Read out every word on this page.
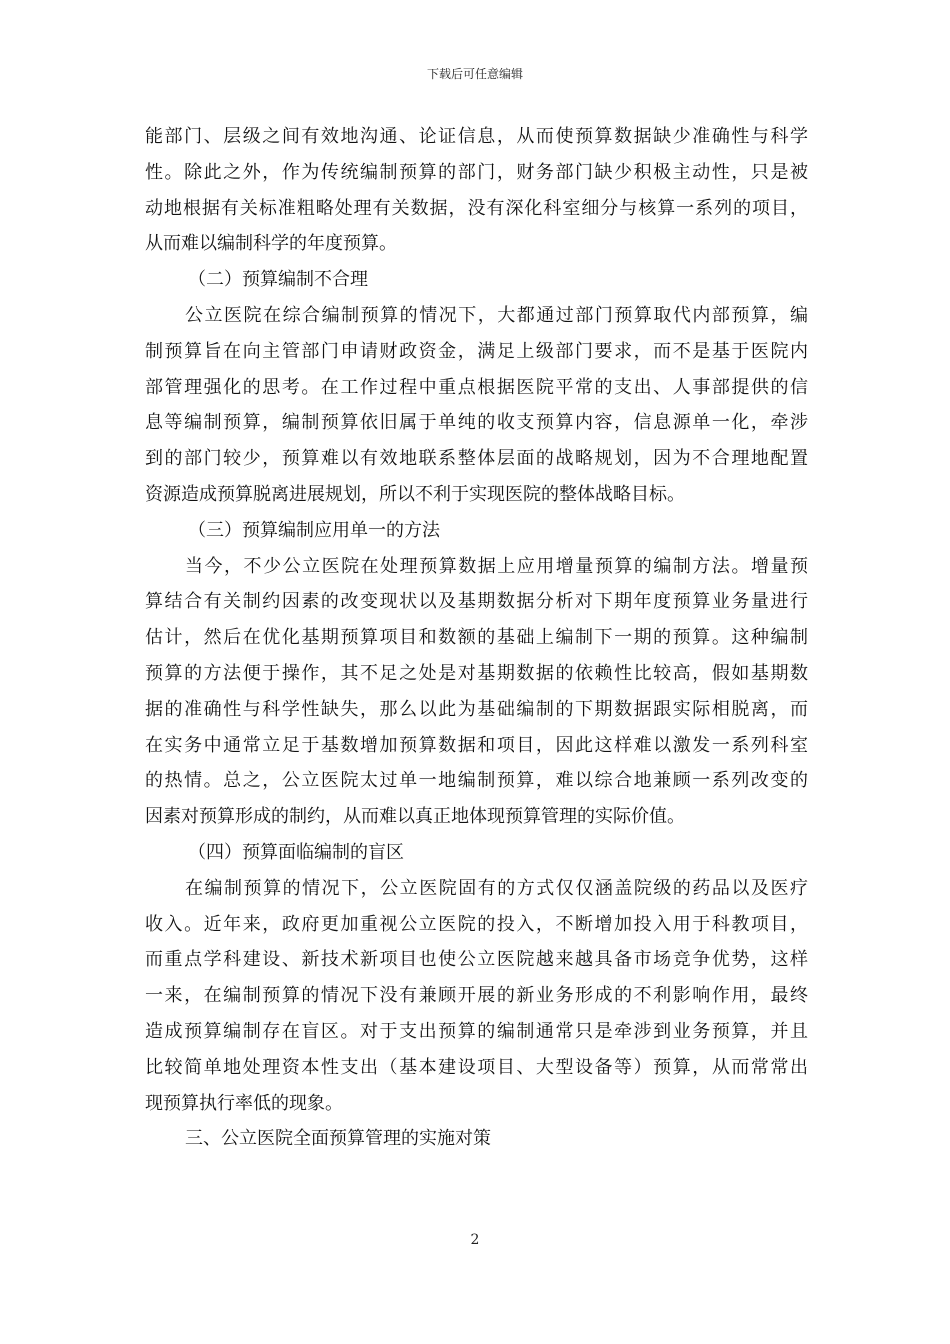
下载后可任意编辑
能部门、层级之间有效地沟通、论证信息，从而使预算数据缺少准确性与科学
性。除此之外，作为传统编制预算的部门，财务部门缺少积极主动性，只是被
动地根据有关标准粗略处理有关数据，没有深化科室细分与核算一系列的项目，
从而难以编制科学的年度预算。
（二）预算编制不合理
公立医院在综合编制预算的情况下，大都通过部门预算取代内部预算，编
制预算旨在向主管部门申请财政资金，满足上级部门要求，而不是基于医院内
部管理强化的思考。在工作过程中重点根据医院平常的支出、人事部提供的信
息等编制预算，编制预算依旧属于单纯的收支预算内容，信息源单一化，牵涉
到的部门较少，预算难以有效地联系整体层面的战略规划，因为不合理地配置
资源造成预算脱离进展规划，所以不利于实现医院的整体战略目标。
（三）预算编制应用单一的方法
当今，不少公立医院在处理预算数据上应用增量预算的编制方法。增量预
算结合有关制约因素的改变现状以及基期数据分析对下期年度预算业务量进行
估计，然后在优化基期预算项目和数额的基础上编制下一期的预算。这种编制
预算的方法便于操作，其不足之处是对基期数据的依赖性比较高，假如基期数
据的准确性与科学性缺失，那么以此为基础编制的下期数据跟实际相脱离，而
在实务中通常立足于基数增加预算数据和项目，因此这样难以激发一系列科室
的热情。总之，公立医院太过单一地编制预算，难以综合地兼顾一系列改变的
因素对预算形成的制约，从而难以真正地体现预算管理的实际价值。
（四）预算面临编制的盲区
在编制预算的情况下，公立医院固有的方式仅仅涵盖院级的药品以及医疗
收入。近年来，政府更加重视公立医院的投入，不断增加投入用于科教项目，
而重点学科建设、新技术新项目也使公立医院越来越具备市场竞争优势，这样
一来，在编制预算的情况下没有兼顾开展的新业务形成的不利影响作用，最终
造成预算编制存在盲区。对于支出预算的编制通常只是牵涉到业务预算，并且
比较简单地处理资本性支出（基本建设项目、大型设备等）预算，从而常常出
现预算执行率低的现象。
三、公立医院全面预算管理的实施对策
2
